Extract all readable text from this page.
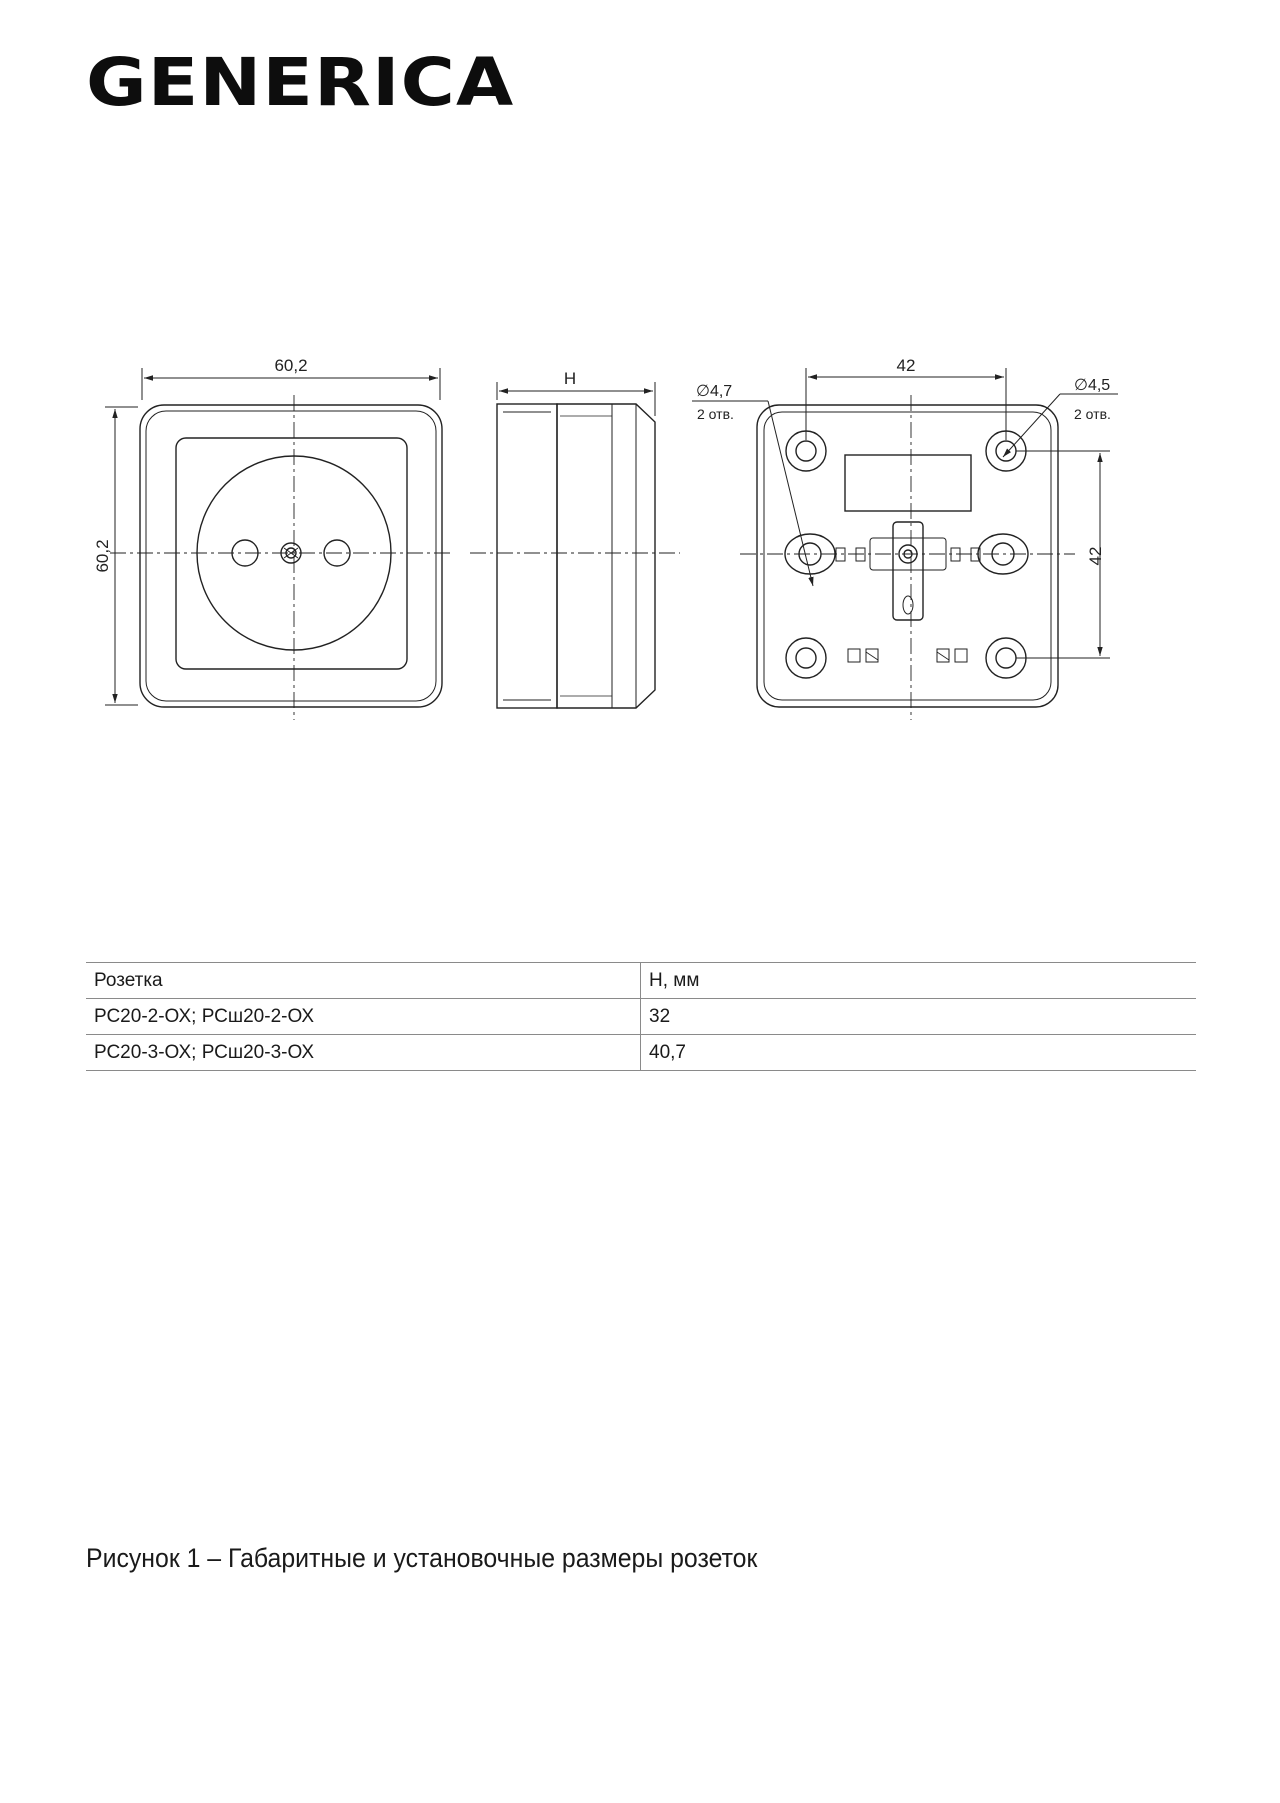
GENERICA
60,2
60,2
H
42
42
∅4,7
2 отв.
∅4,5
2 отв.
Розетка	Н, мм
РС20-2-ОХ; РСш20-2-ОХ	32
РС20-3-ОХ; РСш20-3-ОХ	40,7
Рисунок 1 – Габаритные и установочные размеры розеток
